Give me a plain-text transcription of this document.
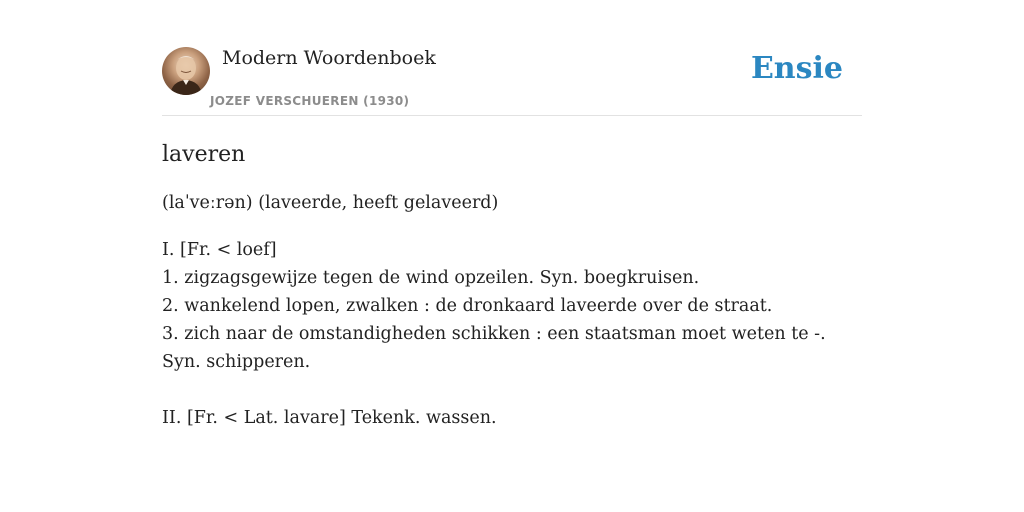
Modern Woordenboek
JOZEF VERSCHUEREN (1930)
Ensie
laveren
(laˈveːrən) (laveerde, heeft gelaveerd)
I. [Fr. < loef]
1. zigzagsgewijze tegen de wind opzeilen. Syn. boegkruisen.
2. wankelend lopen, zwalken : de dronkaard laveerde over de straat.
3. zich naar de omstandigheden schikken : een staatsman moet weten te -. Syn. schipperen.
II. [Fr. < Lat. lavare] Tekenk. wassen.
